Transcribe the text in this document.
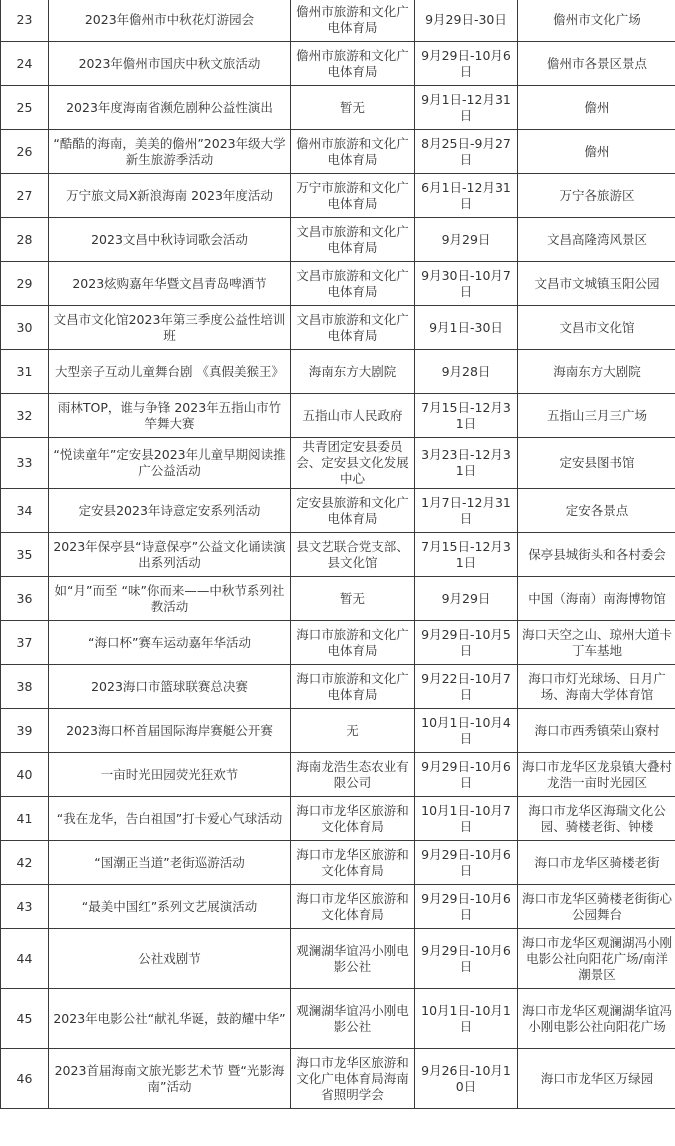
23	2023年儋州市中秋花灯游园会	儋州市旅游和文化广电体育局	9月29日-30日	儋州市文化广场
24	2023年儋州市国庆中秋文旅活动	儋州市旅游和文化广电体育局	9月29日-10月6日	儋州市各景区景点
25	2023年度海南省濒危剧种公益性演出	暂无	9月1日-12月31日	儋州
26	“酷酷的海南，美美的儋州”2023年级大学新生旅游季活动	儋州市旅游和文化广电体育局	8月25日-9月27日	儋州
27	万宁旅文局X新浪海南 2023年度活动	万宁市旅游和文化广电体育局	6月1日-12月31日	万宁各旅游区
28	2023文昌中秋诗词歌会活动	文昌市旅游和文化广电体育局	9月29日	文昌高隆湾风景区
29	2023炫购嘉年华暨文昌青岛啤酒节	文昌市旅游和文化广电体育局	9月30日-10月7日	文昌市文城镇玉阳公园
30	文昌市文化馆2023年第三季度公益性培训班	文昌市旅游和文化广电体育局	9月1日-30日	文昌市文化馆
31	大型亲子互动儿童舞台剧 《真假美猴王》	海南东方大剧院	9月28日	海南东方大剧院
32	雨林TOP，谁与争锋 2023年五指山市竹竿舞大赛	五指山市人民政府	7月15日-12月31日	五指山三月三广场
33	“悦读童年”定安县2023年儿童早期阅读推广公益活动	共青团定安县委员会、定安县文化发展中心	3月23日-12月31日	定安县图书馆
34	定安县2023年诗意定安系列活动	定安县旅游和文化广电体育局	1月7日-12月31日	定安各景点
35	2023年保亭县“诗意保亭”公益文化诵读演出系列活动	县文艺联合党支部、县文化馆	7月15日-12月31日	保亭县城街头和各村委会
36	如“月”而至 “味”你而来——中秋节系列社教活动	暂无	9月29日	中国（海南）南海博物馆
37	“海口杯”赛车运动嘉年华活动	海口市旅游和文化广电体育局	9月29日-10月5日	海口天空之山、琼州大道卡丁车基地
38	2023海口市篮球联赛总决赛	海口市旅游和文化广电体育局	9月22日-10月7日	海口市灯光球场、日月广场、海南大学体育馆
39	2023海口杯首届国际海岸赛艇公开赛	无	10月1日-10月4日	海口市西秀镇荣山寮村
40	一亩时光田园荧光狂欢节	海南龙浩生态农业有限公司	9月29日-10月6日	海口市龙华区龙泉镇大叠村龙浩一亩时光园区
41	“我在龙华，告白祖国”打卡爱心气球活动	海口市龙华区旅游和文化体育局	10月1日-10月7日	海口市龙华区海瑞文化公园、骑楼老街、钟楼
42	“国潮正当道”老街巡游活动	海口市龙华区旅游和文化体育局	9月29日-10月6日	海口市龙华区骑楼老街
43	“最美中国红”系列文艺展演活动	海口市龙华区旅游和文化体育局	9月29日-10月6日	海口市龙华区骑楼老街街心公园舞台
44	公社戏剧节	观澜湖华谊冯小刚电影公社	9月29日-10月6日	海口市龙华区观澜湖冯小刚电影公社向阳花广场/南洋潮景区
45	2023年电影公社“献礼华诞，鼓韵耀中华”	观澜湖华谊冯小刚电影公社	10月1日-10月1日	海口市龙华区观澜湖华谊冯小刚电影公社向阳花广场
46	2023首届海南文旅光影艺术节 暨“光影海南”活动	海口市龙华区旅游和文化广电体育局海南省照明学会	9月26日-10月10日	海口市龙华区万绿园
